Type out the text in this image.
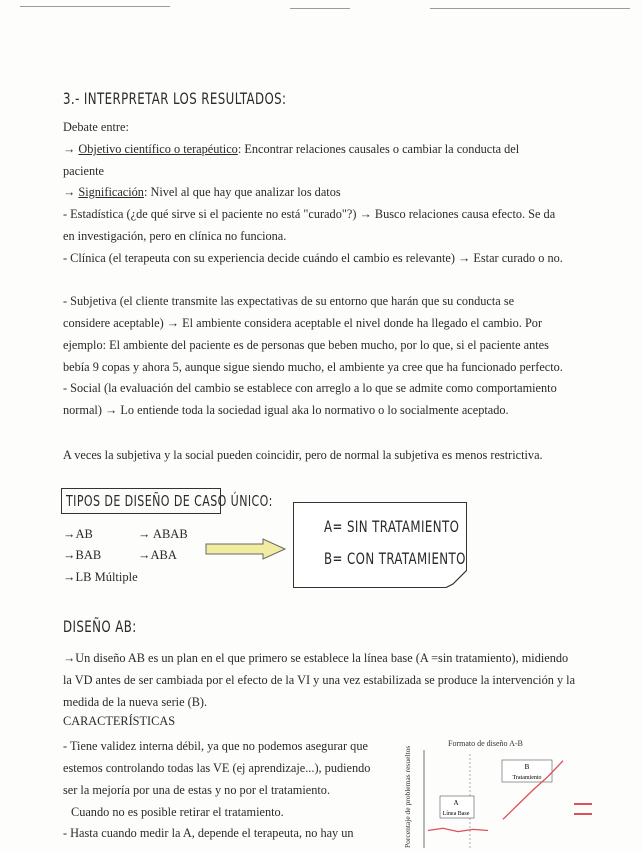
3.- INTERPRETAR LOS RESULTADOS:

Debate entre:

→ Objetivo científico o terapéutico: Encontrar relaciones causales o cambiar la conducta del paciente

→ Significación: Nivel al que hay que analizar los datos

- Estadística (¿de qué sirve si el paciente no está "curado"?) → Busco relaciones causa efecto. Se da en investigación, pero en clínica no funciona.

- Clínica (el terapeuta con su experiencia decide cuándo el cambio es relevante) → Estar curado o no.

- Subjetiva (el cliente transmite las expectativas de su entorno que harán que su conducta se considere aceptable) → El ambiente considera aceptable el nivel donde ha llegado el cambio. Por ejemplo: El ambiente del paciente es de personas que beben mucho, por lo que, si el paciente antes bebía 9 copas y ahora 5, aunque sigue siendo mucho, el ambiente ya cree que ha funcionado perfecto.

- Social (la evaluación del cambio se establece con arreglo a lo que se admite como comportamiento normal) → Lo entiende toda la sociedad igual aka lo normativo o lo socialmente aceptado.

A veces la subjetiva y la social pueden coincidir, pero de normal la subjetiva es menos restrictiva.

TIPOS DE DISEÑO DE CASO ÚNICO:
→AB	→ ABAB
→BAB	→ABA
→LB Múltiple
A= SIN TRATAMIENTO
B= CON TRATAMIENTO
DISEÑO AB:

→Un diseño AB es un plan en el que primero se establece la línea base (A =sin tratamiento), midiendo la VD antes de ser cambiada por el efecto de la VI y una vez estabilizada se produce la intervención y la medida de la nueva serie (B).

CARACTERÍSTICAS

- Tiene validez interna débil, ya que no podemos asegurar que estemos controlando todas las VE (ej aprendizaje...), pudiendo ser la mejoría por una de estas y no por el tratamiento.

Cuando no es posible retirar el tratamiento.

- Hasta cuando medir la A, depende el terapeuta, no hay un

Formato de diseño A-B
Porcentaje de problemas resueltos	A
Línea Base
B
Tratamiento
